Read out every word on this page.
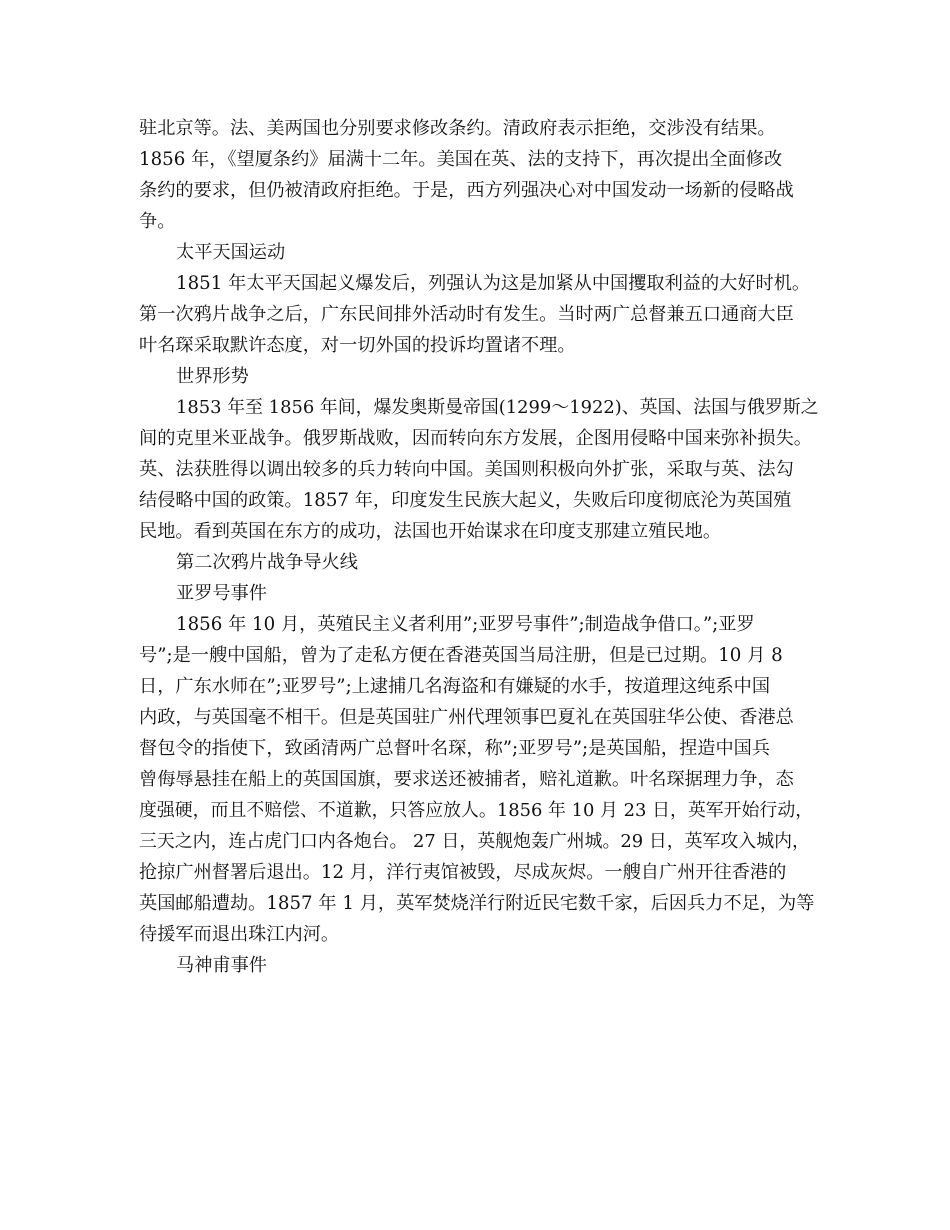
驻北京等。法、美两国也分别要求修改条约。清政府表示拒绝，交涉没有结果。
1856 年，《望厦条约》届满十二年。美国在英、法的支持下，再次提出全面修改
条约的要求，但仍被清政府拒绝。于是，西方列强决心对中国发动一场新的侵略战
争。
太平天国运动
1851 年太平天国起义爆发后，列强认为这是加紧从中国攫取利益的大好时机。
第一次鸦片战争之后，广东民间排外活动时有发生。当时两广总督兼五口通商大臣
叶名琛采取默许态度，对一切外国的投诉均置诸不理。
世界形势
1853 年至 1856 年间，爆发奥斯曼帝国(1299～1922)、英国、法国与俄罗斯之
间的克里米亚战争。俄罗斯战败，因而转向东方发展，企图用侵略中国来弥补损失。
英、法获胜得以调出较多的兵力转向中国。美国则积极向外扩张，采取与英、法勾
结侵略中国的政策。1857 年，印度发生民族大起义，失败后印度彻底沦为英国殖
民地。看到英国在东方的成功，法国也开始谋求在印度支那建立殖民地。
第二次鸦片战争导火线
亚罗号事件
1856 年 10 月，英殖民主义者利用”;亚罗号事件”;制造战争借口。”;亚罗
号”;是一艘中国船，曾为了走私方便在香港英国当局注册，但是已过期。10 月 8
日，广东水师在”;亚罗号”;上逮捕几名海盗和有嫌疑的水手，按道理这纯系中国
内政，与英国毫不相干。但是英国驻广州代理领事巴夏礼在英国驻华公使、香港总
督包令的指使下，致函清两广总督叶名琛，称”;亚罗号”;是英国船，捏造中国兵
曾侮辱悬挂在船上的英国国旗，要求送还被捕者，赔礼道歉。叶名琛据理力争，态
度强硬，而且不赔偿、不道歉，只答应放人。1856 年 10 月 23 日，英军开始行动，
三天之内，连占虎门口内各炮台。 27 日，英舰炮轰广州城。29 日，英军攻入城内，
抢掠广州督署后退出。12 月，洋行夷馆被毁，尽成灰烬。一艘自广州开往香港的
英国邮船遭劫。1857 年 1 月，英军焚烧洋行附近民宅数千家，后因兵力不足，为等
待援军而退出珠江内河。
马神甫事件
